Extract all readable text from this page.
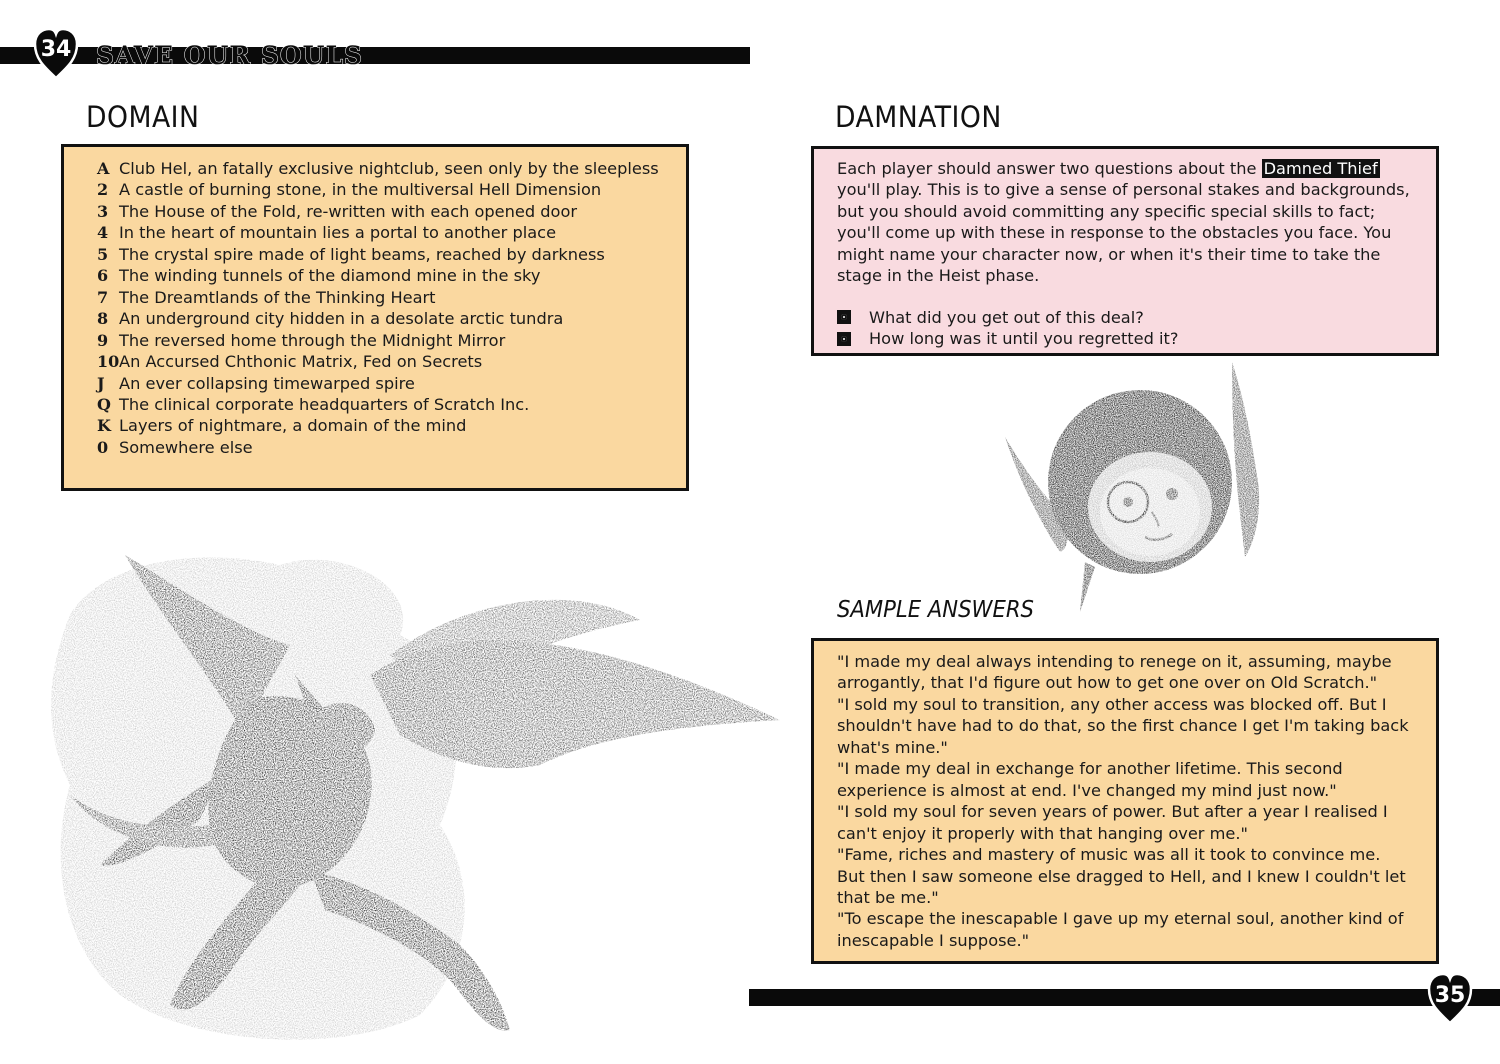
34 SAVE OUR SOULS
35
DOMAIN
A Club Hel, an fatally exclusive nightclub, seen only by the sleepless
2 A castle of burning stone, in the multiversal Hell Dimension
3 The House of the Fold, re-written with each opened door
4 In the heart of mountain lies a portal to another place
5 The crystal spire made of light beams, reached by darkness
6 The winding tunnels of the diamond mine in the sky
7 The Dreamtlands of the Thinking Heart
8 An underground city hidden in a desolate arctic tundra
9 The reversed home through the Midnight Mirror
10 An Accursed Chthonic Matrix, Fed on Secrets
J An ever collapsing timewarped spire
Q The clinical corporate headquarters of Scratch Inc.
K Layers of nightmare, a domain of the mind
0 Somewhere else
DAMNATION
Each player should answer two questions about the Damned Thief you'll play. This is to give a sense of personal stakes and backgrounds, but you should avoid committing any specific special skills to fact; you'll come up with these in response to the obstacles you face. You might name your character now, or when it's their time to take the stage in the Heist phase.
What did you get out of this deal?
How long was it until you regretted it?
SAMPLE ANSWERS

"I made my deal always intending to renege on it, assuming, maybe arrogantly, that I'd figure out how to get one over on Old Scratch."

"I sold my soul to transition, any other access was blocked off. But I shouldn't have had to do that, so the first chance I get I'm taking back what's mine."

"I made my deal in exchange for another lifetime. This second experience is almost at end. I've changed my mind just now."

"I sold my soul for seven years of power. But after a year I realised I can't enjoy it properly with that hanging over me."

"Fame, riches and mastery of music was all it took to convince me. But then I saw someone else dragged to Hell, and I knew I couldn't let that be me."

"To escape the inescapable I gave up my eternal soul, another kind of inescapable I suppose."
